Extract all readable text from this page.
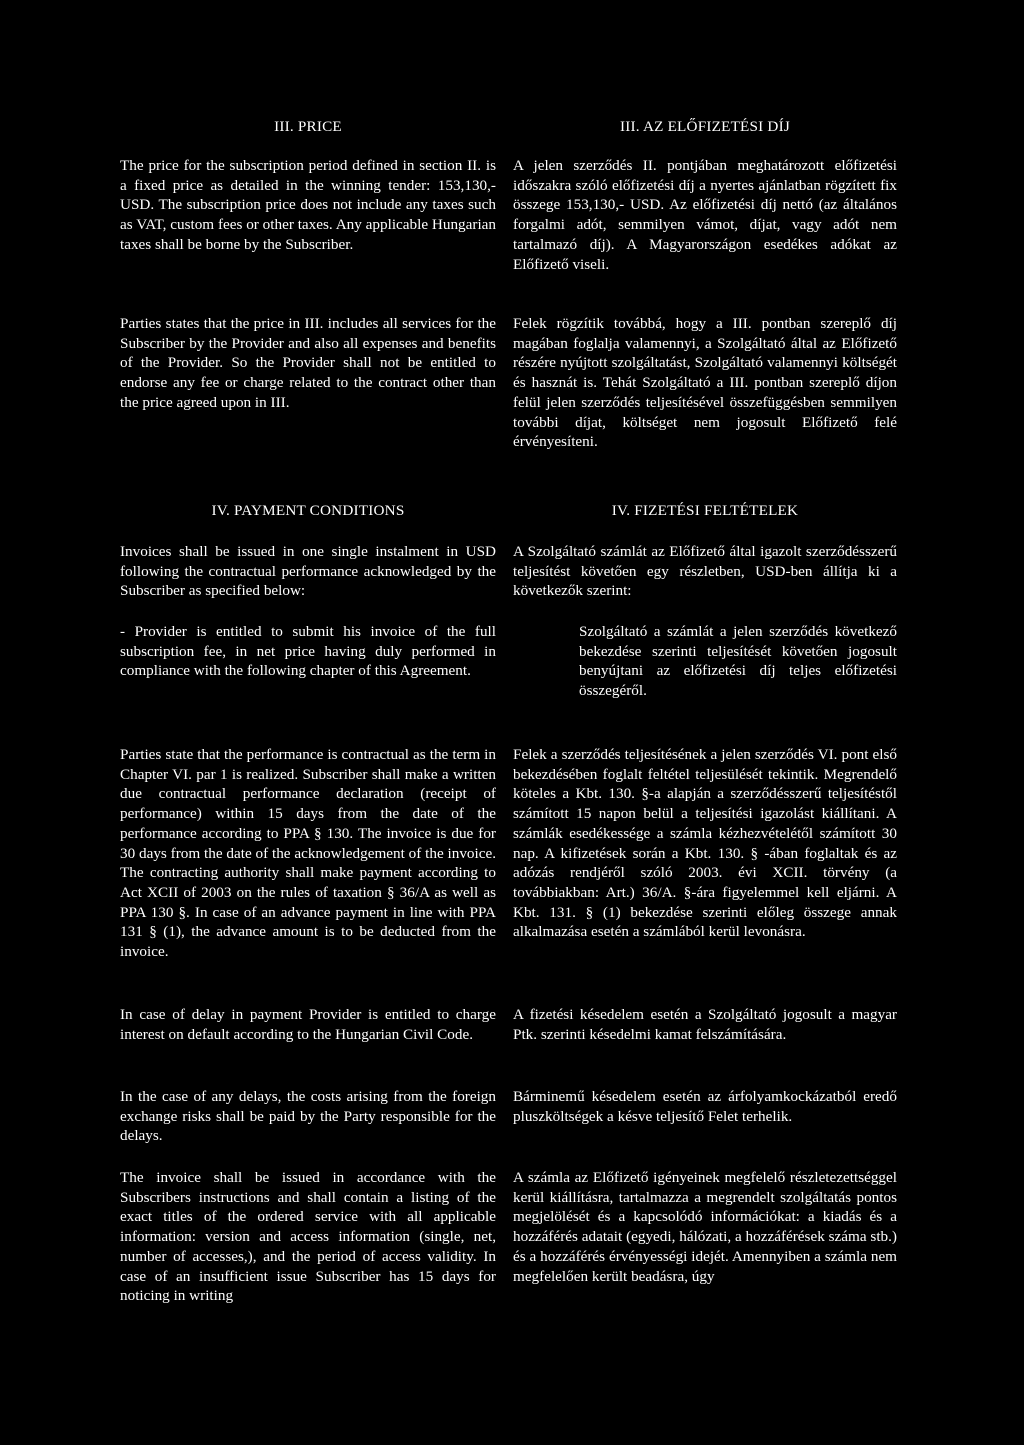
III. PRICE

The price for the subscription period defined in section II. is a fixed price as detailed in the winning tender: 153,130,- USD. The subscription price does not include any taxes such as VAT, custom fees or other taxes. Any applicable Hungarian taxes shall be borne by the Subscriber.

Parties states that the price in III. includes all services for the Subscriber by the Provider and also all expenses and benefits of the Provider. So the Provider shall not be entitled to endorse any fee or charge related to the contract other than the price agreed upon in III.

IV. PAYMENT CONDITIONS

Invoices shall be issued in one single instalment in USD following the contractual performance acknowledged by the Subscriber as specified below:

- Provider is entitled to submit his invoice of the full subscription fee, in net price having duly performed in compliance with the following chapter of this Agreement.

Parties state that the performance is contractual as the term in Chapter VI. par 1 is realized. Subscriber shall make a written due contractual performance declaration (receipt of performance) within 15 days from the date of the performance according to PPA § 130. The invoice is due for 30 days from the date of the acknowledgement of the invoice. The contracting authority shall make payment according to Act XCII of 2003 on the rules of taxation § 36/A as well as PPA 130 §. In case of an advance payment in line with PPA 131 § (1), the advance amount is to be deducted from the invoice.

In case of delay in payment Provider is entitled to charge interest on default according to the Hungarian Civil Code.

In the case of any delays, the costs arising from the foreign exchange risks shall be paid by the Party responsible for the delays.

The invoice shall be issued in accordance with the Subscribers instructions and shall contain a listing of the exact titles of the ordered service with all applicable information: version and access information (single, net, number of accesses,), and the period of access validity. In case of an insufficient issue Subscriber has 15 days for noticing in writing

III. AZ ELŐFIZETÉSI DÍJ

A jelen szerződés II. pontjában meghatározott előfizetési időszakra szóló előfizetési díj a nyertes ajánlatban rögzített fix összege 153,130,- USD. Az előfizetési díj nettó (az általános forgalmi adót, semmilyen vámot, díjat, vagy adót nem tartalmazó díj). A Magyarországon esedékes adókat az Előfizető viseli.

Felek rögzítik továbbá, hogy a III. pontban szereplő díj magában foglalja valamennyi, a Szolgáltató által az Előfizető részére nyújtott szolgáltatást, Szolgáltató valamennyi költségét és hasznát is. Tehát Szolgáltató a III. pontban szereplő díjon felül jelen szerződés teljesítésével összefüggésben semmilyen további díjat, költséget nem jogosult Előfizető felé érvényesíteni.

IV. FIZETÉSI FELTÉTELEK

A Szolgáltató számlát az Előfizető által igazolt szerződésszerű teljesítést követően egy részletben, USD-ben állítja ki a következők szerint:

Szolgáltató a számlát a jelen szerződés következő bekezdése szerinti teljesítését követően jogosult benyújtani az előfizetési díj teljes előfizetési összegéről.

Felek a szerződés teljesítésének a jelen szerződés VI. pont első bekezdésében foglalt feltétel teljesülését tekintik. Megrendelő köteles a Kbt. 130. §-a alapján a szerződésszerű teljesítéstől számított 15 napon belül a teljesítési igazolást kiállítani. A számlák esedékessége a számla kézhezvételétől számított 30 nap. A kifizetések során a Kbt. 130. § -ában foglaltak és az adózás rendjéről szóló 2003. évi XCII. törvény (a továbbiakban: Art.) 36/A. §-ára figyelemmel kell eljárni. A Kbt. 131. § (1) bekezdése szerinti előleg összege annak alkalmazása esetén a számlából kerül levonásra.

A fizetési késedelem esetén a Szolgáltató jogosult a magyar Ptk. szerinti késedelmi kamat felszámítására.

Bárminemű késedelem esetén az árfolyamkockázatból eredő pluszköltségek a késve teljesítő Felet terhelik.

A számla az Előfizető igényeinek megfelelő részletezettséggel kerül kiállításra, tartalmazza a megrendelt szolgáltatás pontos megjelölését és a kapcsolódó információkat: a kiadás és a hozzáférés adatait (egyedi, hálózati, a hozzáférések száma stb.) és a hozzáférés érvényességi idejét. Amennyiben a számla nem megfelelően került beadásra, úgy
